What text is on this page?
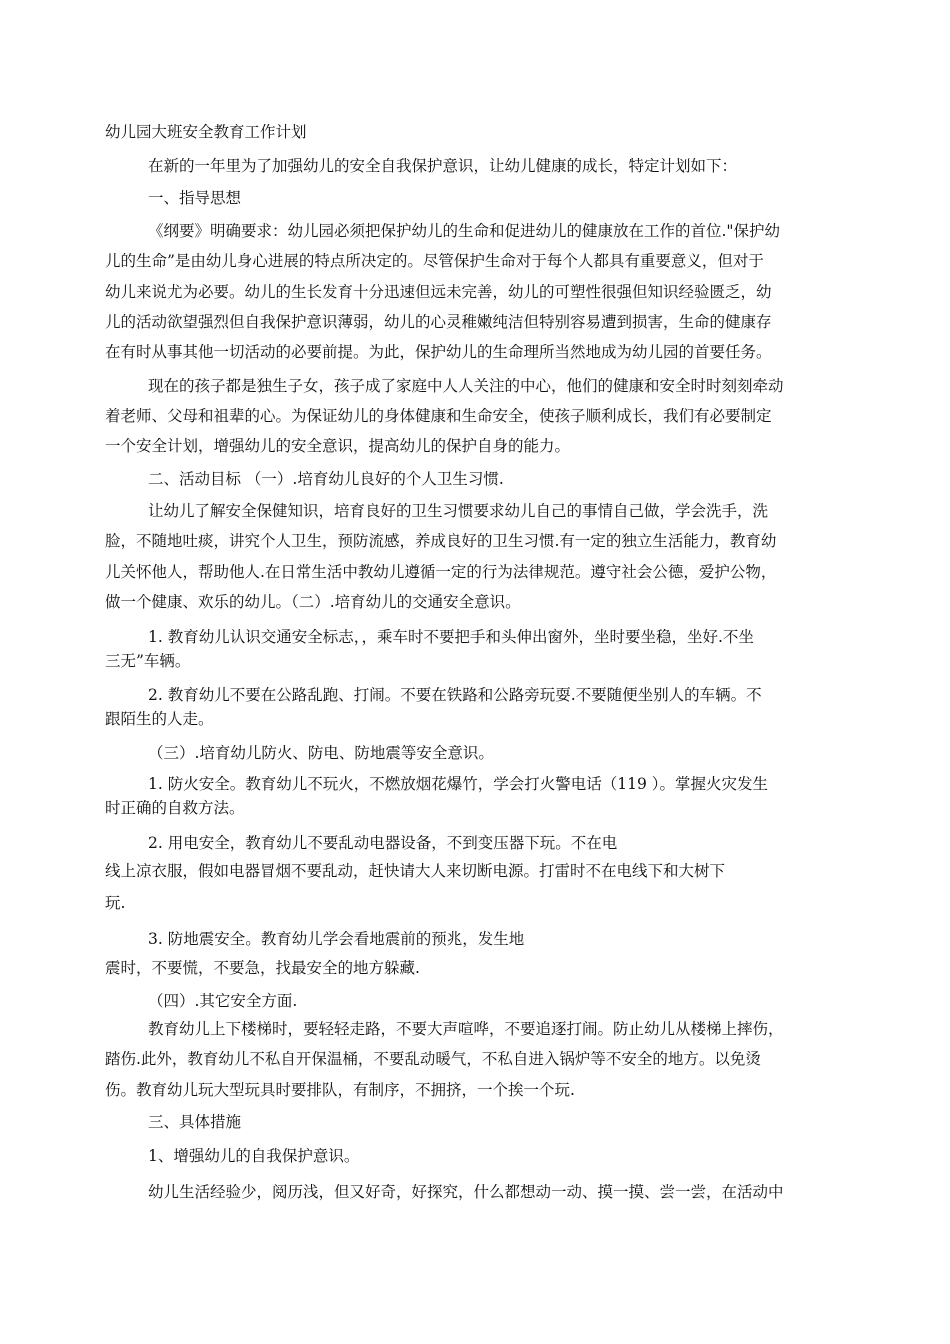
幼儿园大班安全教育工作计划
在新的一年里为了加强幼儿的安全自我保护意识，让幼儿健康的成长，特定计划如下：
一、指导思想
《纲要》明确要求：幼儿园必须把保护幼儿的生命和促进幼儿的健康放在工作的首位."保护幼
儿的生命”是由幼儿身心进展的特点所决定的。尽管保护生命对于每个人都具有重要意义，但对于
幼儿来说尤为必要。幼儿的生长发育十分迅速但远未完善，幼儿的可塑性很强但知识经验匮乏，幼
儿的活动欲望强烈但自我保护意识薄弱，幼儿的心灵稚嫩纯洁但特别容易遭到损害，生命的健康存
在有时从事其他一切活动的必要前提。为此，保护幼儿的生命理所当然地成为幼儿园的首要任务。
现在的孩子都是独生子女，孩子成了家庭中人人关注的中心，他们的健康和安全时时刻刻牵动
着老师、父母和祖辈的心。为保证幼儿的身体健康和生命安全，使孩子顺利成长，我们有必要制定
一个安全计划，增强幼儿的安全意识，提高幼儿的保护自身的能力。
二、活动目标 （一）.培育幼儿良好的个人卫生习惯.
让幼儿了解安全保健知识，培育良好的卫生习惯要求幼儿自己的事情自己做，学会洗手，洗
脸，不随地吐痰，讲究个人卫生，预防流感，养成良好的卫生习惯.有一定的独立生活能力，教育幼
儿关怀他人，帮助他人.在日常生活中教幼儿遵循一定的行为法律规范。遵守社会公德，爱护公物，
做一个健康、欢乐的幼儿。（二）.培育幼儿的交通安全意识。
1. 教育幼儿认识交通安全标志，，乘车时不要把手和头伸出窗外，坐时要坐稳，坐好.不坐
三无”车辆。
2. 教育幼儿不要在公路乱跑、打闹。不要在铁路和公路旁玩耍.不要随便坐别人的车辆。不
跟陌生的人走。
（三）.培育幼儿防火、防电、防地震等安全意识。
1. 防火安全。教育幼儿不玩火，不燃放烟花爆竹，学会打火警电话（119 ）。掌握火灾发生
时正确的自救方法。
2. 用电安全，教育幼儿不要乱动电器设备，不到变压器下玩。不在电
线上凉衣服，假如电器冒烟不要乱动，赶快请大人来切断电源。打雷时不在电线下和大树下
玩.
3. 防地震安全。教育幼儿学会看地震前的预兆，发生地
震时，不要慌，不要急，找最安全的地方躲藏.
（四）.其它安全方面.
教育幼儿上下楼梯时，要轻轻走路，不要大声喧哗，不要追逐打闹。防止幼儿从楼梯上摔伤，
踏伤.此外，教育幼儿不私自开保温桶，不要乱动暖气，不私自进入锅炉等不安全的地方。以免烫
伤。教育幼儿玩大型玩具时要排队，有制序，不拥挤，一个挨一个玩.
三、具体措施
1、增强幼儿的自我保护意识。
幼儿生活经验少，阅历浅，但又好奇，好探究，什么都想动一动、摸一摸、尝一尝，在活动中
